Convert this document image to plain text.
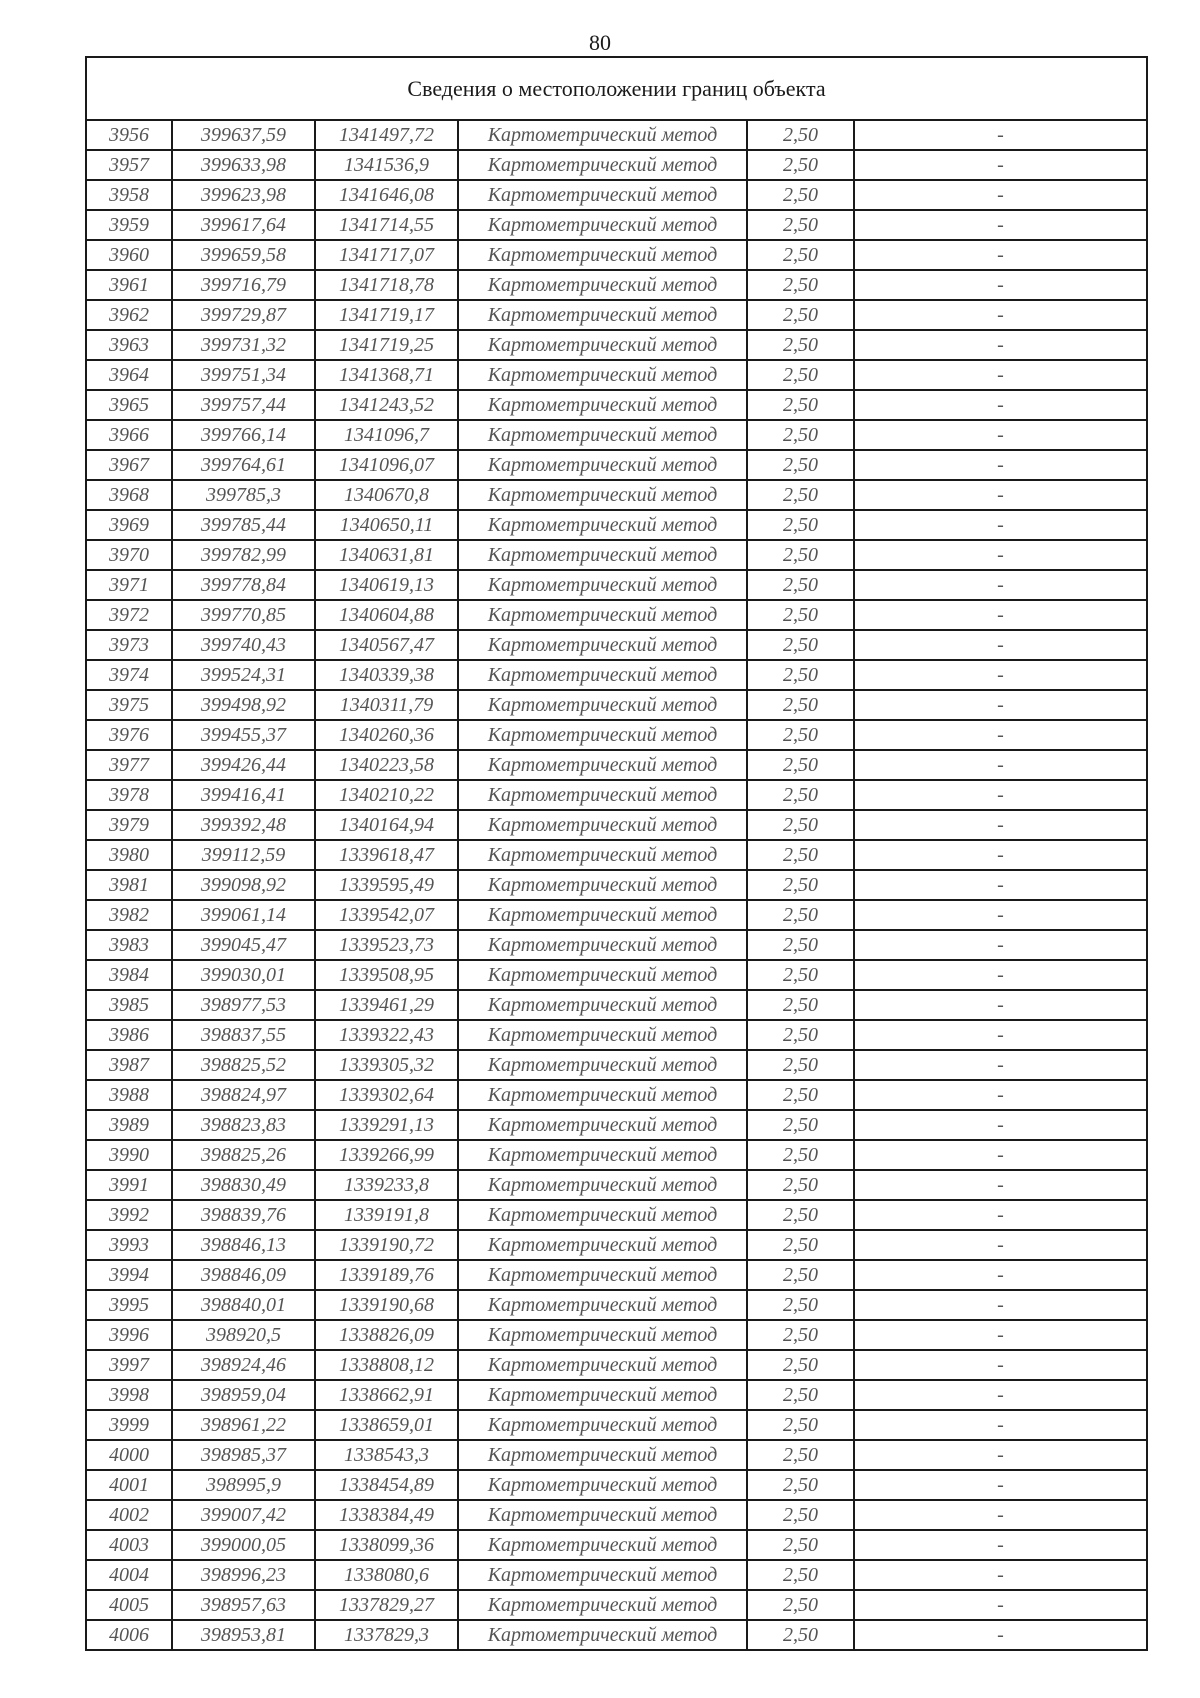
80
Сведения о местоположении границ объекта
3956	399637,59	1341497,72	Картометрический метод	2,50	-
3957	399633,98	1341536,9	Картометрический метод	2,50	-
3958	399623,98	1341646,08	Картометрический метод	2,50	-
3959	399617,64	1341714,55	Картометрический метод	2,50	-
3960	399659,58	1341717,07	Картометрический метод	2,50	-
3961	399716,79	1341718,78	Картометрический метод	2,50	-
3962	399729,87	1341719,17	Картометрический метод	2,50	-
3963	399731,32	1341719,25	Картометрический метод	2,50	-
3964	399751,34	1341368,71	Картометрический метод	2,50	-
3965	399757,44	1341243,52	Картометрический метод	2,50	-
3966	399766,14	1341096,7	Картометрический метод	2,50	-
3967	399764,61	1341096,07	Картометрический метод	2,50	-
3968	399785,3	1340670,8	Картометрический метод	2,50	-
3969	399785,44	1340650,11	Картометрический метод	2,50	-
3970	399782,99	1340631,81	Картометрический метод	2,50	-
3971	399778,84	1340619,13	Картометрический метод	2,50	-
3972	399770,85	1340604,88	Картометрический метод	2,50	-
3973	399740,43	1340567,47	Картометрический метод	2,50	-
3974	399524,31	1340339,38	Картометрический метод	2,50	-
3975	399498,92	1340311,79	Картометрический метод	2,50	-
3976	399455,37	1340260,36	Картометрический метод	2,50	-
3977	399426,44	1340223,58	Картометрический метод	2,50	-
3978	399416,41	1340210,22	Картометрический метод	2,50	-
3979	399392,48	1340164,94	Картометрический метод	2,50	-
3980	399112,59	1339618,47	Картометрический метод	2,50	-
3981	399098,92	1339595,49	Картометрический метод	2,50	-
3982	399061,14	1339542,07	Картометрический метод	2,50	-
3983	399045,47	1339523,73	Картометрический метод	2,50	-
3984	399030,01	1339508,95	Картометрический метод	2,50	-
3985	398977,53	1339461,29	Картометрический метод	2,50	-
3986	398837,55	1339322,43	Картометрический метод	2,50	-
3987	398825,52	1339305,32	Картометрический метод	2,50	-
3988	398824,97	1339302,64	Картометрический метод	2,50	-
3989	398823,83	1339291,13	Картометрический метод	2,50	-
3990	398825,26	1339266,99	Картометрический метод	2,50	-
3991	398830,49	1339233,8	Картометрический метод	2,50	-
3992	398839,76	1339191,8	Картометрический метод	2,50	-
3993	398846,13	1339190,72	Картометрический метод	2,50	-
3994	398846,09	1339189,76	Картометрический метод	2,50	-
3995	398840,01	1339190,68	Картометрический метод	2,50	-
3996	398920,5	1338826,09	Картометрический метод	2,50	-
3997	398924,46	1338808,12	Картометрический метод	2,50	-
3998	398959,04	1338662,91	Картометрический метод	2,50	-
3999	398961,22	1338659,01	Картометрический метод	2,50	-
4000	398985,37	1338543,3	Картометрический метод	2,50	-
4001	398995,9	1338454,89	Картометрический метод	2,50	-
4002	399007,42	1338384,49	Картометрический метод	2,50	-
4003	399000,05	1338099,36	Картометрический метод	2,50	-
4004	398996,23	1338080,6	Картометрический метод	2,50	-
4005	398957,63	1337829,27	Картометрический метод	2,50	-
4006	398953,81	1337829,3	Картометрический метод	2,50	-
